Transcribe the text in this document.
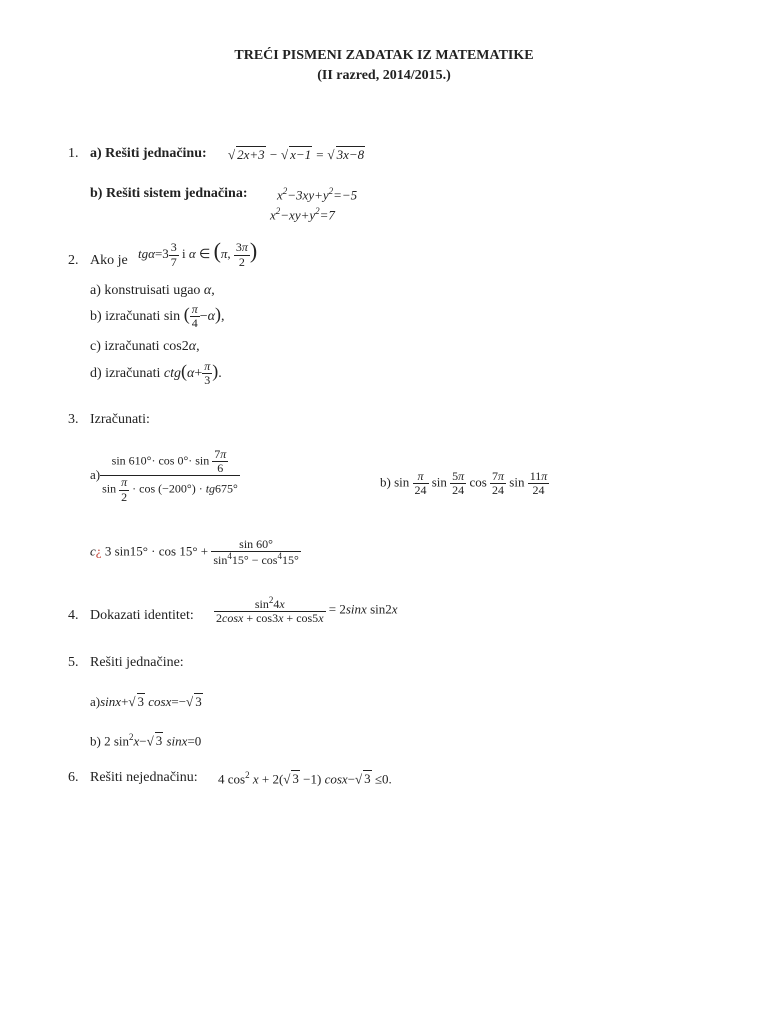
TREĆI PISMENI ZADATAK IZ MATEMATIKE
(II razred, 2014/2015.)
1. a) Rešiti jednačinu: √ 2x+3 − √ x−1 = √ 3x−8
b) Rešiti sistem jednačina: $x^2-3xy+y^2=-5$
$x^2-xy+y^2=7$
2. Ako je $tg\alpha=3 \frac{3}{7}$ i α ∈ (π, $\frac{3\pi}{2}$ )
a) konstruisati ugao α,
b) izračunati sin ( $\frac{\pi}{4} -\alpha$),
c) izračunati cos2α,
d) izračunati $ctg(\alpha+ \frac{\pi}{3}$ ).
3. Izračunati:
$a) \frac{\sin 610^\circ\cdot \cos 0^\circ\cdot \sin \frac{7\pi}{6}}{\sin \frac{\pi}{2} \cdot \cos (-200^\circ) \cdot tg675^\circ}$	b) $\sin \frac{\pi}{24}$ $\sin \frac{5\pi}{24}$ $\cos \frac{7\pi}{24}$ $\sin \frac{11\pi}{24}$
c¿ 3 $\sin 15^\circ \cdot \cos 15^\circ + \frac{\sin 60^\circ}{\sin^415^\circ - \cos^415^\circ}$
4. Dokazati identitet: $\frac{\sin^24x}{2\cos x + \cos 3x + \cos 5x} = 2\sin x$ sin2x
5. Rešiti jednačine:
a)sinx+√ 3 cosx=−√ 3
b) 2 $\sin^2x-√$ 3 sinx=0
6. Rešiti nejednačinu: 4 $\cos^2 x + 2(√$ 3 −1) cosx−√ 3 ≤0.
